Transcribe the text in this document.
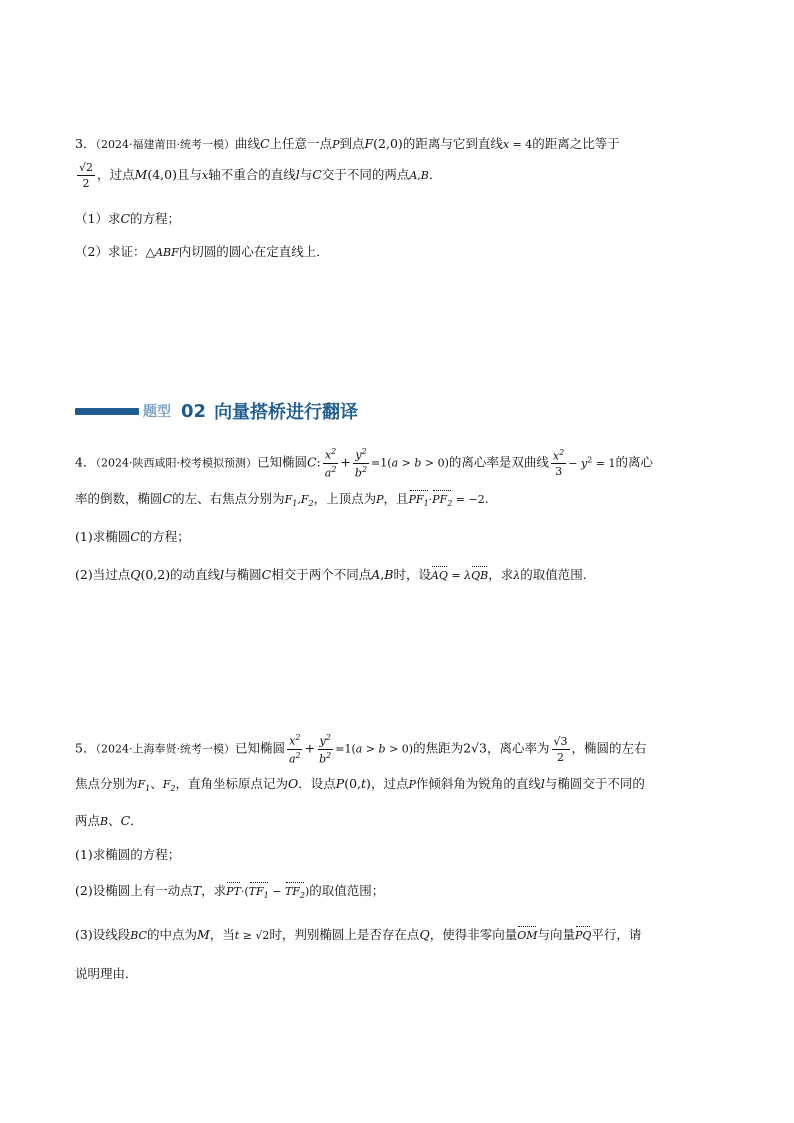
3．（2024·福建莆田·统考一模）曲线C上任意一点P到点F(2,0)的距离与它到直线x = 4的距离之比等于
$\frac{√2}{2}$ ，过点M(4,0)且与x轴不重合的直线l与C交于不同的两点A,B．
（1）求C的方程；
（2）求证：△ABF内切圆的圆心在定直线上．
题型 02 向量搭桥进行翻译
4．（2024·陕西咸阳·校考模拟预测）已知椭圆C: $\frac{x^2}{a^2} + \frac{y^2}{b^2} =1(a > b > 0)$的离心率是双曲线 $\frac{x^2}{3} - y^2 = 1$的离心
率的倒数，椭圆C的左、右焦点分别为$F_1,F_2$，上顶点为P，且$PF_1\cdot PF_2 = -2$.
(1)求椭圆C的方程；
(2)当过点Q(0,2)的动直线l与椭圆C相交于两个不同点A,B时，设AQ = λQB，求λ的取值范围.
5．（2024·上海奉贤·统考一模）已知椭圆 $\frac{x^2}{a^2} + \frac{y^2}{b^2} =1(a > b > 0)$的焦距为2√3，离心率为 $\frac{√3}{2}$ ，椭圆的左右
焦点分别为$F_1$、$F_2$，直角坐标原点记为O．设点P(0,t)，过点P作倾斜角为锐角的直线l与椭圆交于不同的
两点B、C．
(1)求椭圆的方程；
(2)设椭圆上有一动点T，求$PT\cdot(TF_1 - TF_2)$的取值范围；
(3)设线段BC的中点为M，当t ≥ √2时，判别椭圆上是否存在点Q，使得非零向量OM与向量PQ平行，请
说明理由．
